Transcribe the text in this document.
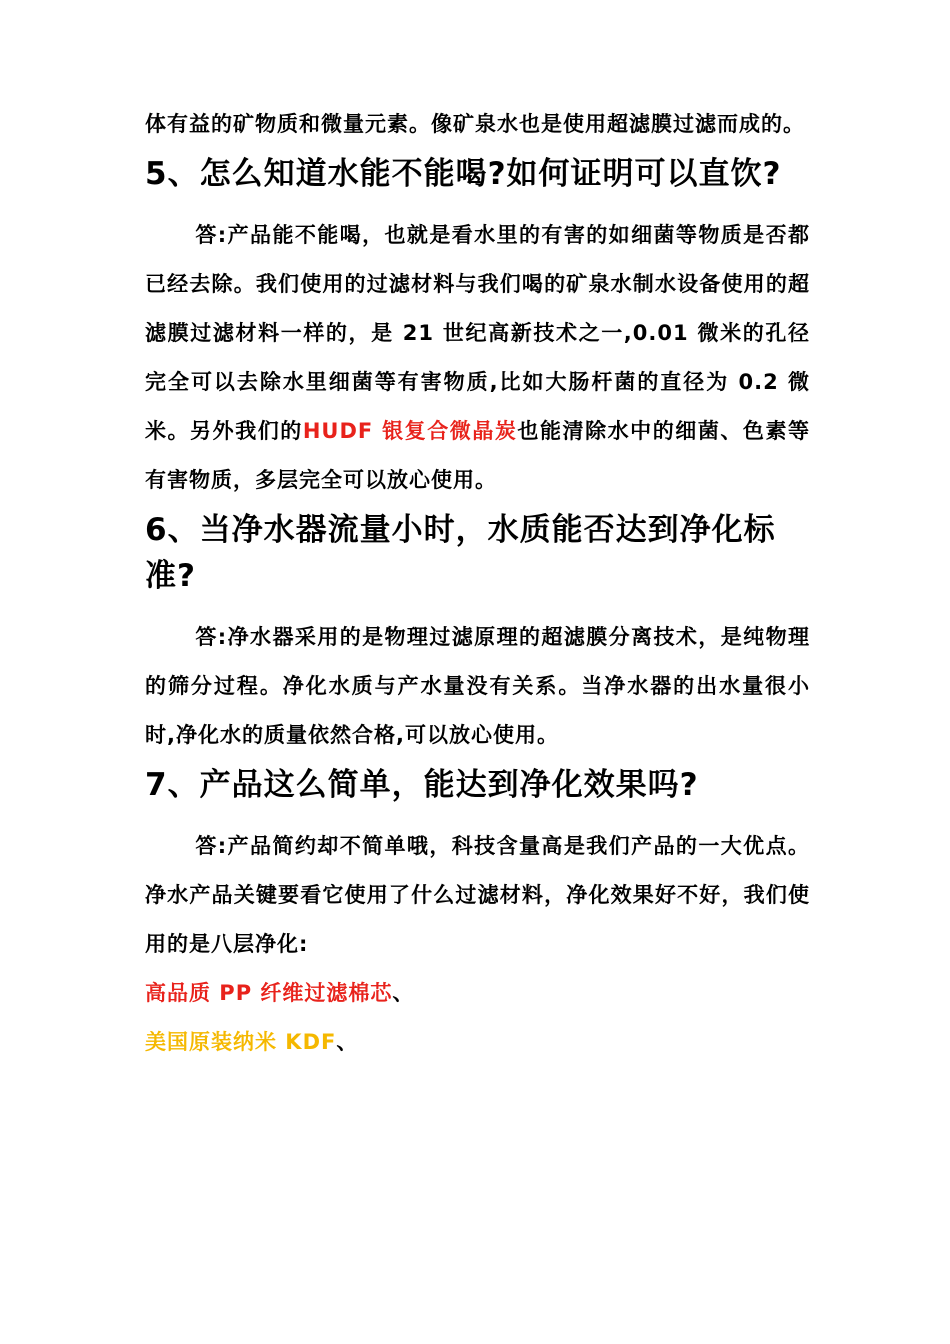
体有益的矿物质和微量元素。像矿泉水也是使用超滤膜过滤而成的。

5、怎么知道水能不能喝?如何证明可以直饮?

答:产品能不能喝，也就是看水里的有害的如细菌等物质是否都已经去除。我们使用的过滤材料与我们喝的矿泉水制水设备使用的超滤膜过滤材料一样的，是 21 世纪高新技术之一,0.01 微米的孔径完全可以去除水里细菌等有害物质,比如大肠杆菌的直径为 0.2 微米。另外我们的HUDF 银复合微晶炭也能清除水中的细菌、色素等有害物质，多层完全可以放心使用。

6、当净水器流量小时，水质能否达到净化标准?

答:净水器采用的是物理过滤原理的超滤膜分离技术，是纯物理的筛分过程。净化水质与产水量没有关系。当净水器的出水量很小时,净化水的质量依然合格,可以放心使用。

7、产品这么简单，能达到净化效果吗?

答:产品简约却不简单哦，科技含量高是我们产品的一大优点。净水产品关键要看它使用了什么过滤材料，净化效果好不好，我们使用的是八层净化:

高品质 PP 纤维过滤棉芯、

美国原装纳米 KDF、
